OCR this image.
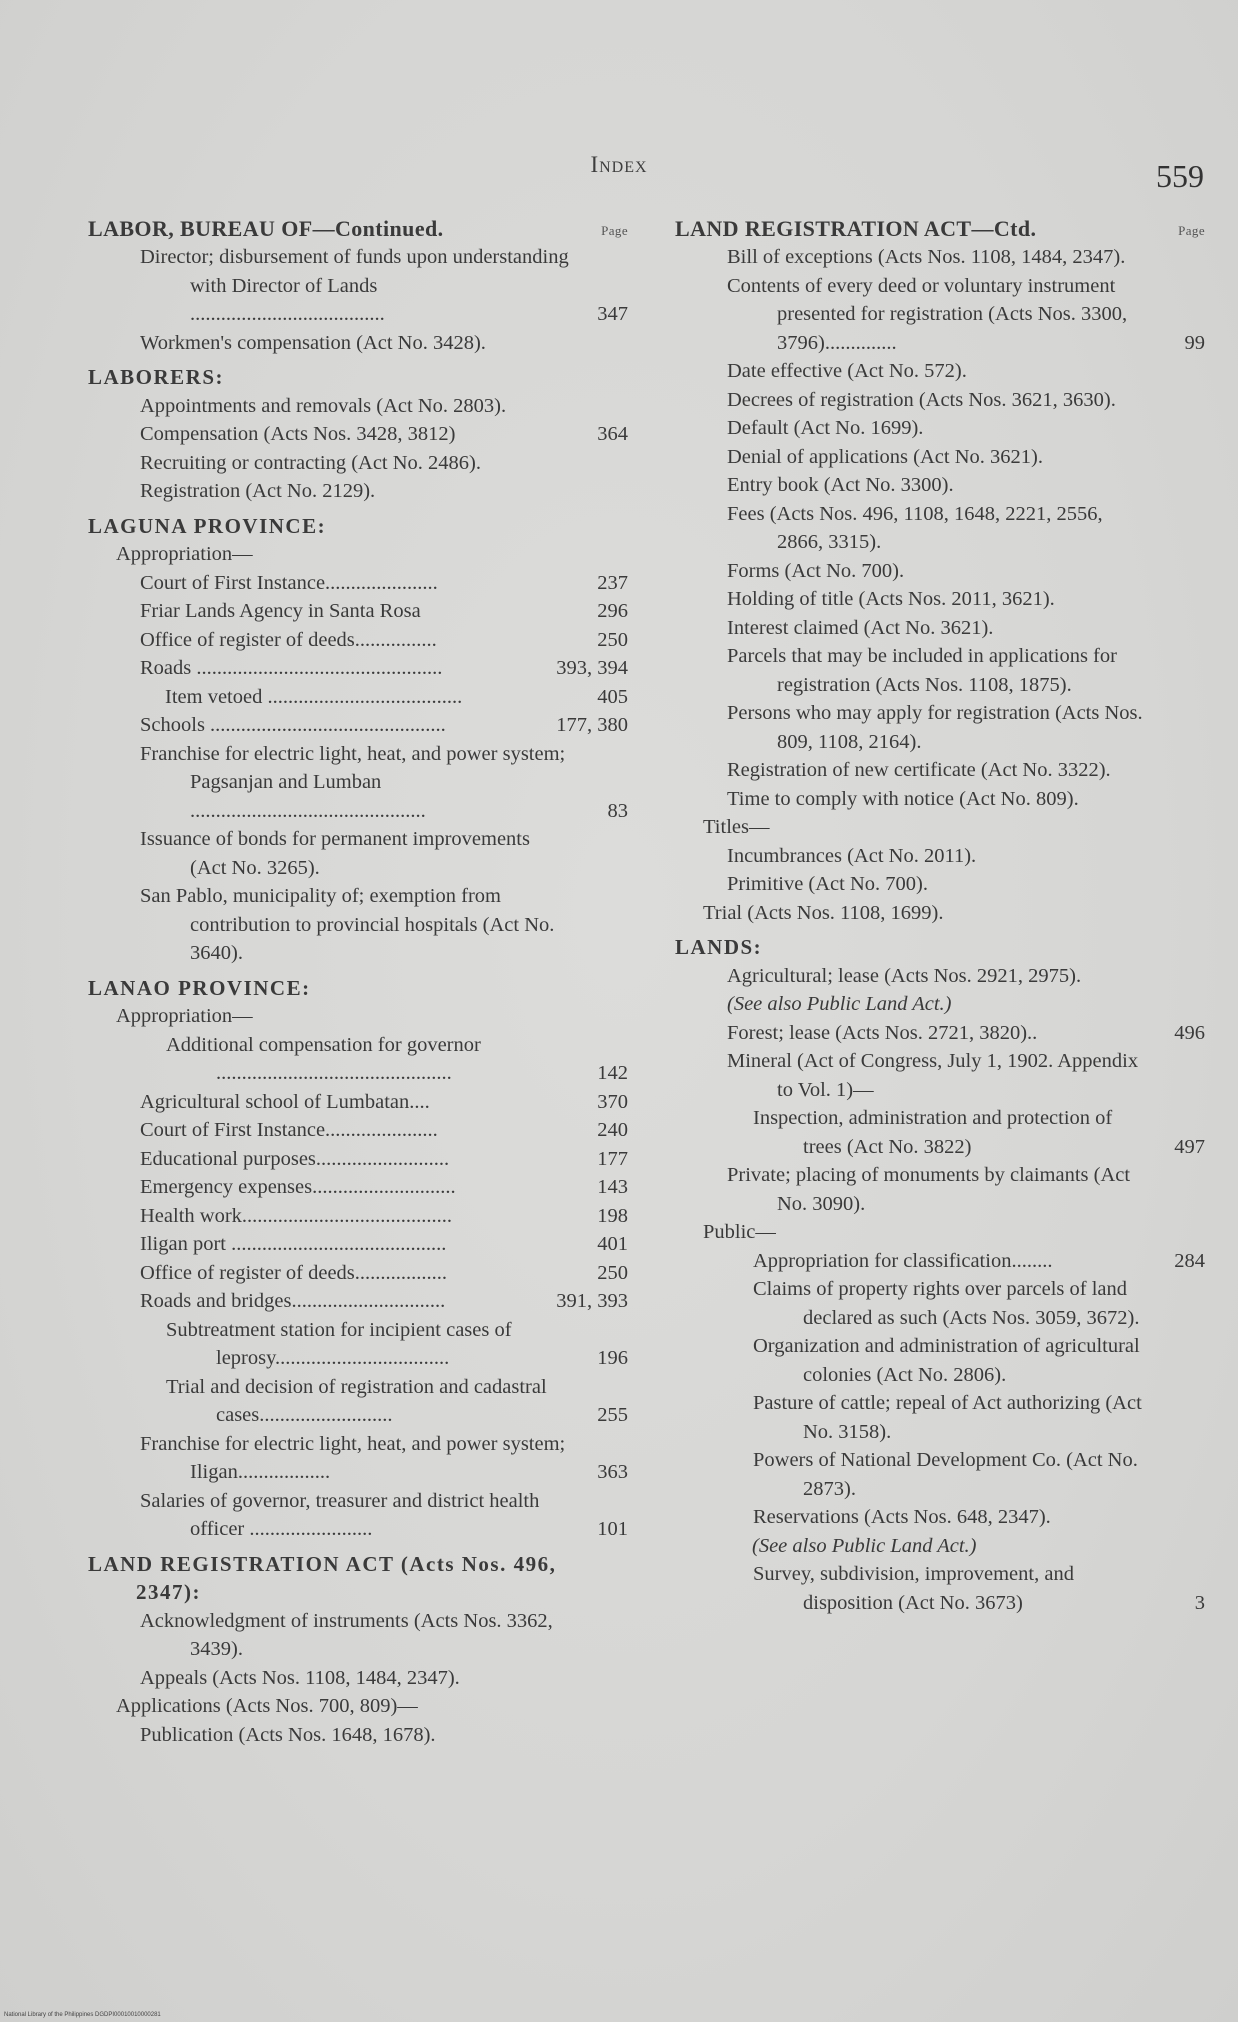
Index	559
LABOR, BUREAU OF—Continued.	Page
Director; disbursement of funds upon understanding with Director of Lands ......................................	347
Workmen's compensation (Act No. 3428).
LABORERS:
Appointments and removals (Act No. 2803).
Compensation (Acts Nos. 3428, 3812)	364
Recruiting or contracting (Act No. 2486).
Registration (Act No. 2129).
LAGUNA PROVINCE:
Appropriation—
Court of First Instance......................	237
Friar Lands Agency in Santa Rosa	296
Office of register of deeds................	250
Roads ................................................	393, 394
Item vetoed ......................................	405
Schools ..............................................	177, 380
Franchise for electric light, heat, and power system; Pagsanjan and Lumban ..............................................	83
Issuance of bonds for permanent improvements (Act No. 3265).
San Pablo, municipality of; exemption from contribution to provincial hospitals (Act No. 3640).
LANAO PROVINCE:
Appropriation—
Additional compensation for governor ..............................................	142
Agricultural school of Lumbatan....	370
Court of First Instance......................	240
Educational purposes..........................	177
Emergency expenses............................	143
Health work.........................................	198
Iligan port ..........................................	401
Office of register of deeds..................	250
Roads and bridges..............................	391, 393
Subtreatment station for incipient cases of leprosy..................................	196
Trial and decision of registration and cadastral cases..........................	255
Franchise for electric light, heat, and power system; Iligan..................	363
Salaries of governor, treasurer and district health officer ........................	101
LAND REGISTRATION ACT (Acts Nos. 496, 2347):
Acknowledgment of instruments (Acts Nos. 3362, 3439).
Appeals (Acts Nos. 1108, 1484, 2347).
Applications (Acts Nos. 700, 809)—
Publication (Acts Nos. 1648, 1678).
LAND REGISTRATION ACT—Ctd.	Page
Bill of exceptions (Acts Nos. 1108, 1484, 2347).
Contents of every deed or voluntary instrument presented for registration (Acts Nos. 3300, 3796)..............	99
Date effective (Act No. 572).
Decrees of registration (Acts Nos. 3621, 3630).
Default (Act No. 1699).
Denial of applications (Act No. 3621).
Entry book (Act No. 3300).
Fees (Acts Nos. 496, 1108, 1648, 2221, 2556, 2866, 3315).
Forms (Act No. 700).
Holding of title (Acts Nos. 2011, 3621).
Interest claimed (Act No. 3621).
Parcels that may be included in applications for registration (Acts Nos. 1108, 1875).
Persons who may apply for registration (Acts Nos. 809, 1108, 2164).
Registration of new certificate (Act No. 3322).
Time to comply with notice (Act No. 809).
Titles—
Incumbrances (Act No. 2011).
Primitive (Act No. 700).
Trial (Acts Nos. 1108, 1699).
LANDS:
Agricultural; lease (Acts Nos. 2921, 2975).
(See also Public Land Act.)
Forest; lease (Acts Nos. 2721, 3820)..	496
Mineral (Act of Congress, July 1, 1902. Appendix to Vol. 1)—
Inspection, administration and protection of trees (Act No. 3822)	497
Private; placing of monuments by claimants (Act No. 3090).
Public—
Appropriation for classification........	284
Claims of property rights over parcels of land declared as such (Acts Nos. 3059, 3672).
Organization and administration of agricultural colonies (Act No. 2806).
Pasture of cattle; repeal of Act authorizing (Act No. 3158).
Powers of National Development Co. (Act No. 2873).
Reservations (Acts Nos. 648, 2347).
(See also Public Land Act.)
Survey, subdivision, improvement, and disposition (Act No. 3673)	3
National Library of the Philippines DGDPI00010010000281
